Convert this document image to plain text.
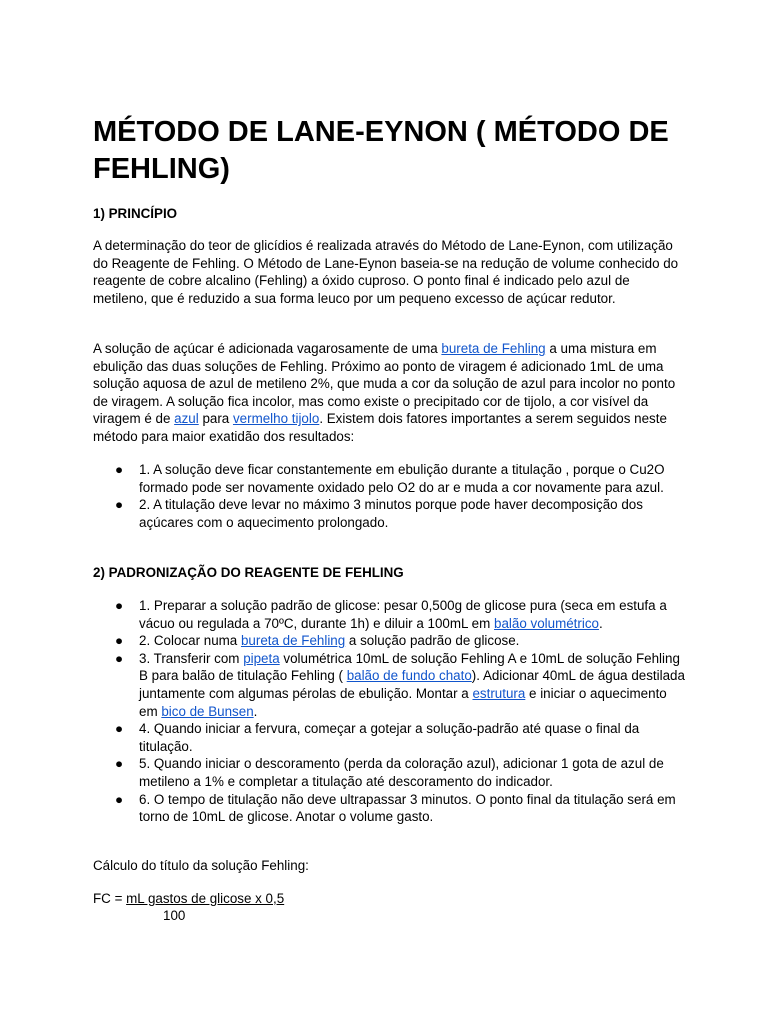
MÉTODO DE LANE-EYNON ( MÉTODO DE FEHLING)
1) PRINCÍPIO

A determinação do teor de glicídios é realizada através do Método de Lane-Eynon, com utilização do Reagente de Fehling. O Método de Lane-Eynon baseia-se na redução de volume conhecido do reagente de cobre alcalino (Fehling) a óxido cuproso. O ponto final é indicado pelo azul de metileno, que é reduzido a sua forma leuco por um pequeno excesso de açúcar redutor.

A solução de açúcar é adicionada vagarosamente de uma bureta de Fehling a uma mistura em ebulição das duas soluções de Fehling. Próximo ao ponto de viragem é adicionado 1mL de uma solução aquosa de azul de metileno 2%, que muda a cor da solução de azul para incolor no ponto de viragem. A solução fica incolor, mas como existe o precipitado cor de tijolo, a cor visível da viragem é de azul para vermelho tijolo. Existem dois fatores importantes a serem seguidos neste método para maior exatidão dos resultados:

● 1. A solução deve ficar constantemente em ebulição durante a titulação , porque o Cu2O formado pode ser novamente oxidado pelo O2 do ar e muda a cor novamente para azul.
● 2. A titulação deve levar no máximo 3 minutos porque pode haver decomposição dos açúcares com o aquecimento prolongado.
2) PADRONIZAÇÃO DO REAGENTE DE FEHLING
● 1. Preparar a solução padrão de glicose: pesar 0,500g de glicose pura (seca em estufa a vácuo ou regulada a 70ºC, durante 1h) e diluir a 100mL em balão volumétrico.
● 2. Colocar numa bureta de Fehling a solução padrão de glicose.
● 3. Transferir com pipeta volumétrica 10mL de solução Fehling A e 10mL de solução Fehling B para balão de titulação Fehling ( balão de fundo chato). Adicionar 40mL de água destilada juntamente com algumas pérolas de ebulição. Montar a estrutura e iniciar o aquecimento em bico de Bunsen.
● 4. Quando iniciar a fervura, começar a gotejar a solução-padrão até quase o final da titulação.
● 5. Quando iniciar o descoramento (perda da coloração azul), adicionar 1 gota de azul de metileno a 1% e completar a titulação até descoramento do indicador.
● 6. O tempo de titulação não deve ultrapassar 3 minutos. O ponto final da titulação será em torno de 10mL de glicose. Anotar o volume gasto.

Cálculo do título da solução Fehling:

FC = mL gastos de glicose x 0,5

100
